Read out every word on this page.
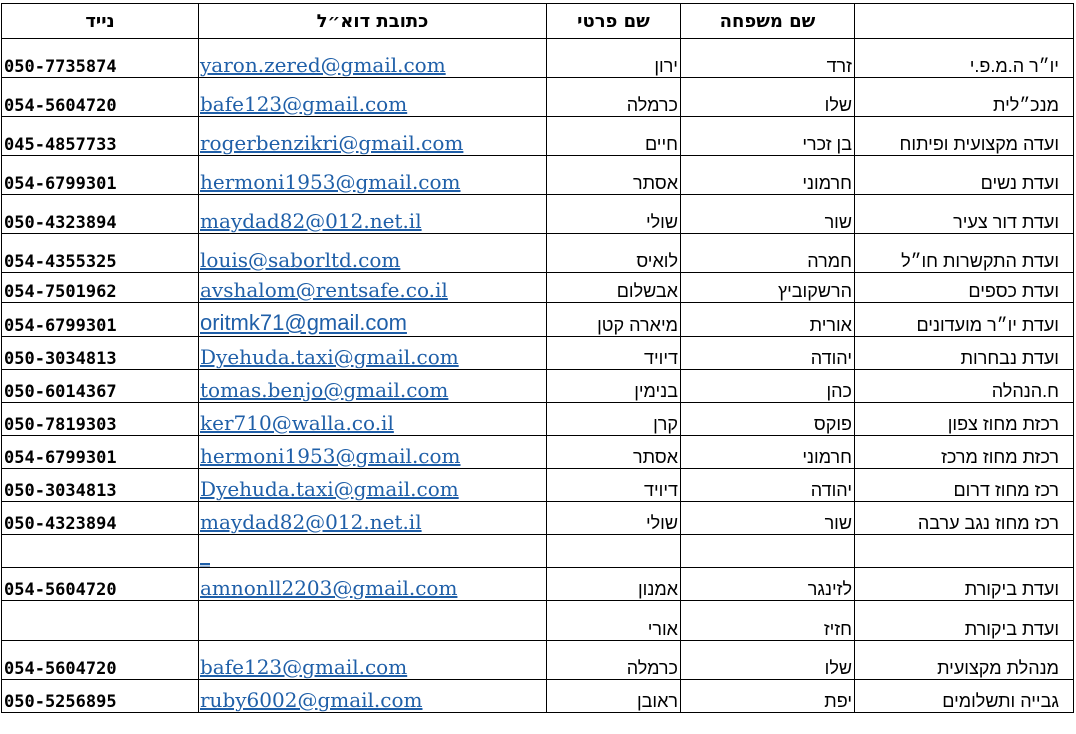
נייד	כתובת דוא״ל	שם פרטי	שם משפחה	
050-7735874	yaron.zered@gmail.com	ירון	זרד	יו״ר ה.מ.פ.י
054-5604720	bafe123@gmail.com	כרמלה	שלו	מנכ״לית
045-4857733	rogerbenzikri@gmail.com	חיים	בן זכרי	ועדה מקצועית ופיתוח
054-6799301	hermoni1953@gmail.com	אסתר	חרמוני	ועדת נשים
050-4323894	maydad82@012.net.il	שולי	שור	ועדת דור צעיר
054-4355325	louis@saborltd.com	לואיס	חמרה	ועדת התקשרות חו״ל
054-7501962	avshalom@rentsafe.co.il	אבשלום	הרשקוביץ	ועדת כספים
054-6799301	oritmk71@gmail.com	מיארה קטן	אורית	ועדת יו״ר מועדונים
050-3034813	Dyehuda.taxi@gmail.com	דיויד	יהודה	ועדת נבחרות
050-6014367	tomas.benjo@gmail.com	בנימין	כהן	ח.הנהלה
050-7819303	ker710@walla.co.il	קרן	פוקס	רכזת מחוז צפון
054-6799301	hermoni1953@gmail.com	אסתר	חרמוני	רכזת מחוז מרכז
050-3034813	Dyehuda.taxi@gmail.com	דיויד	יהודה	רכז מחוז דרום
050-4323894	maydad82@012.net.il	שולי	שור	רכז מחוז נגב ערבה
	_			
054-5604720	amnonll2203@gmail.com	אמנון	לזינגר	ועדת ביקורת
		אורי	חזיז	ועדת ביקורת
054-5604720	bafe123@gmail.com	כרמלה	שלו	מנהלת מקצועית
050-5256895	ruby6002@gmail.com	ראובן	יפת	גבייה ותשלומים
